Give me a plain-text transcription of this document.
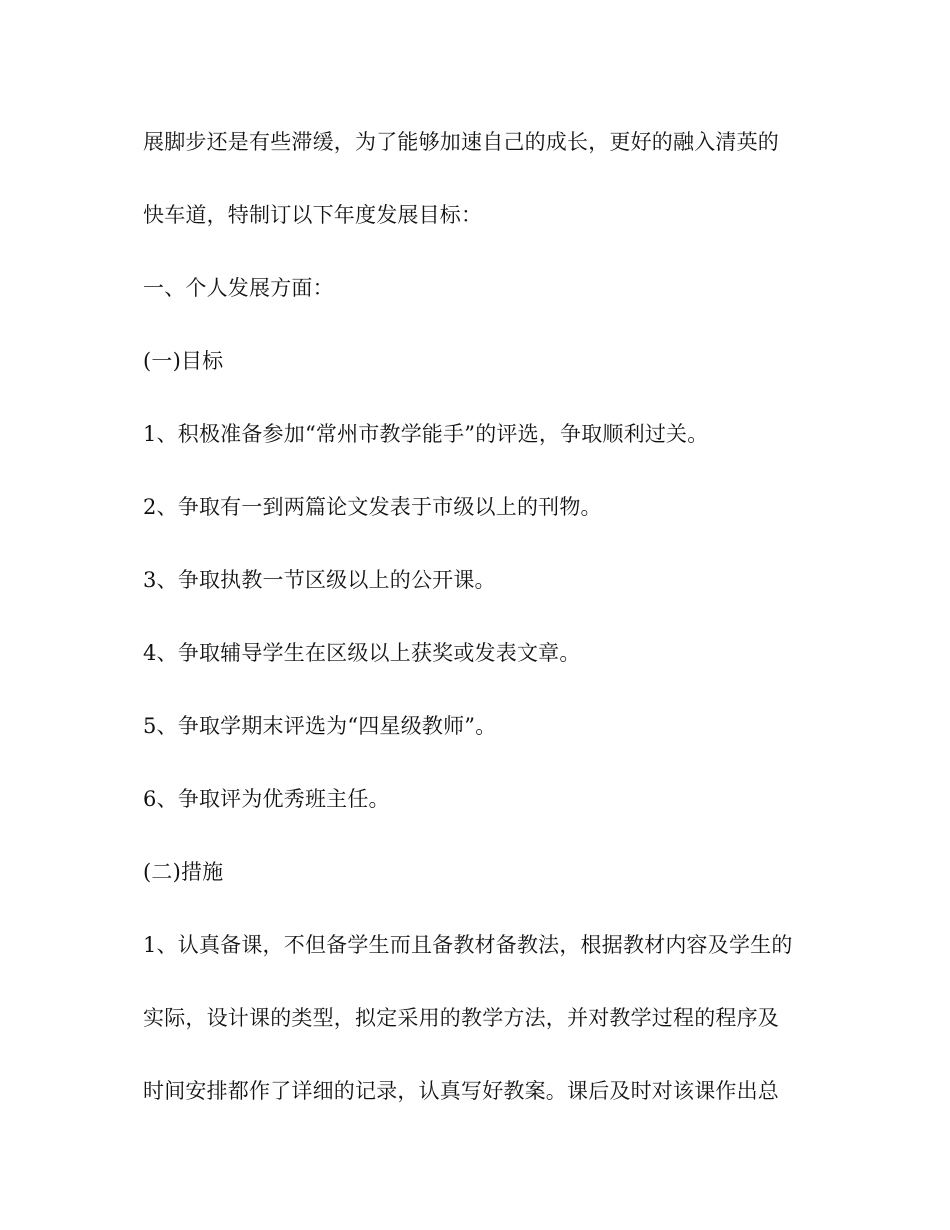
展脚步还是有些滞缓，为了能够加速自己的成长，更好的融入清英的
快车道，特制订以下年度发展目标：
一、个人发展方面：
(一)目标
1、积极准备参加“常州市教学能手”的评选，争取顺利过关。
2、争取有一到两篇论文发表于市级以上的刊物。
3、争取执教一节区级以上的公开课。
4、争取辅导学生在区级以上获奖或发表文章。
5、争取学期末评选为“四星级教师”。
6、争取评为优秀班主任。
(二)措施
1、认真备课，不但备学生而且备教材备教法，根据教材内容及学生的
实际，设计课的类型，拟定采用的教学方法，并对教学过程的程序及
时间安排都作了详细的记录，认真写好教案。课后及时对该课作出总
